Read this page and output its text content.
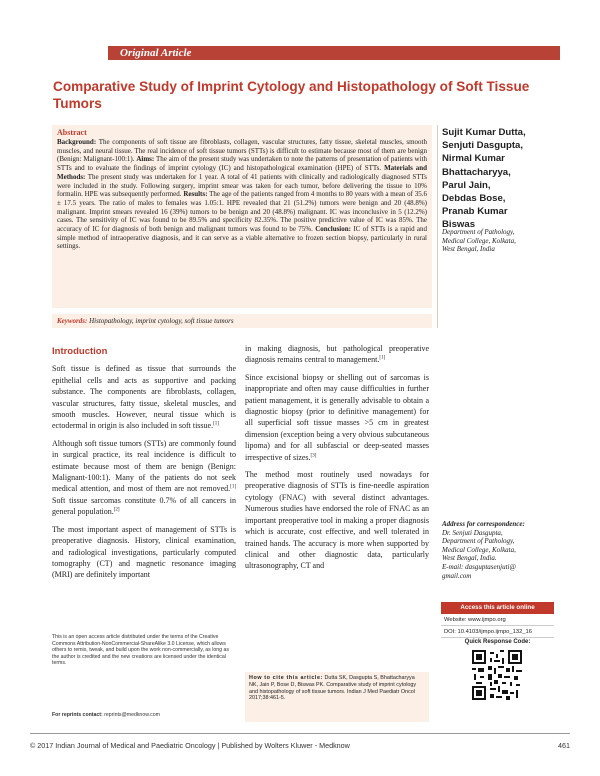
Original Article
Comparative Study of Imprint Cytology and Histopathology of Soft Tissue Tumors
Abstract
Background: The components of soft tissue are fibroblasts, collagen, vascular structures, fatty tissue, skeletal muscles, smooth muscles, and neural tissue. The real incidence of soft tissue tumors (STTs) is difficult to estimate because most of them are benign (Benign: Malignant-100:1). Aims: The aim of the present study was undertaken to note the patterns of presentation of patients with STTs and to evaluate the findings of imprint cytology (IC) and histopathological examination (HPE) of STTs. Materials and Methods: The present study was undertaken for 1 year. A total of 41 patients with clinically and radiologically diagnosed STTs were included in the study. Following surgery, imprint smear was taken for each tumor, before delivering the tissue to 10% formalin. HPE was subsequently performed. Results: The age of the patients ranged from 4 months to 80 years with a mean of 35.6 ± 17.5 years. The ratio of males to females was 1.05:1. HPE revealed that 21 (51.2%) tumors were benign and 20 (48.8%) malignant. Imprint smears revealed 16 (39%) tumors to be benign and 20 (48.8%) malignant. IC was inconclusive in 5 (12.2%) cases. The sensitivity of IC was found to be 89.5% and specificity 82.35%. The positive predictive value of IC was 85%. The accuracy of IC for diagnosis of both benign and malignant tumors was found to be 75%. Conclusion: IC of STTs is a rapid and simple method of intraoperative diagnosis, and it can serve as a viable alternative to frozen section biopsy, particularly in rural settings.
Keywords: Histopathology, imprint cytology, soft tissue tumors
Sujit Kumar Dutta,
Senjuti Dasgupta,
Nirmal Kumar
Bhattacharyya,
Parul Jain,
Debdas Bose,
Pranab Kumar
Biswas
Department of Pathology,
Medical College, Kolkata,
West Bengal, India
Introduction

Soft tissue is defined as tissue that surrounds the epithelial cells and acts as supportive and packing substance. The components are fibroblasts, collagen, vascular structures, fatty tissue, skeletal muscles, and smooth muscles. However, neural tissue which is ectodermal in origin is also included in soft tissue.[1]

Although soft tissue tumors (STTs) are commonly found in surgical practice, its real incidence is difficult to estimate because most of them are benign (Benign: Malignant-100:1). Many of the patients do not seek medical attention, and most of them are not removed.[1] Soft tissue sarcomas constitute 0.7% of all cancers in general population.[2]

The most important aspect of management of STTs is preoperative diagnosis. History, clinical examination, and radiological investigations, particularly computed tomography (CT) and magnetic resonance imaging (MRI) are definitely important

in making diagnosis, but pathological preoperative diagnosis remains central to management.[1]

Since excisional biopsy or shelling out of sarcomas is inappropriate and often may cause difficulties in further patient management, it is generally advisable to obtain a diagnostic biopsy (prior to definitive management) for all superficial soft tissue masses >5 cm in greatest dimension (exception being a very obvious subcutaneous lipoma) and for all subfascial or deep-seated masses irrespective of sizes.[3]

The method most routinely used nowadays for preoperative diagnosis of STTs is fine-needle aspiration cytology (FNAC) with several distinct advantages. Numerous studies have endorsed the role of FNAC as an important preoperative tool in making a proper diagnosis which is accurate, cost effective, and well tolerated in trained hands. The accuracy is more when supported by clinical and other diagnostic data, particularly ultrasonography, CT and

This is an open access article distributed under the terms of the Creative Commons Attribution-NonCommercial-ShareAlike 3.0 License, which allows others to remix, tweak, and build upon the work non-commercially, as long as the author is credited and the new creations are licensed under the identical terms.
For reprints contact: reprints@medknow.com
How to cite this article: Dutta SK, Dasgupta S, Bhattacharyya NK, Jain P, Bose D, Biswas PK. Comparative study of imprint cytology and histopathology of soft tissue tumors. Indian J Med Paediatr Oncol 2017;38:461-5.
Address for correspondence:
Dr. Senjuti Dasgupta,
Department of Pathology,
Medical College, Kolkata,
West Bengal, India.
E-mail: dasguptasenjuti@
gmail.com
Access this article online
Website: www.ijmpo.org
DOI: 10.4103/ijmpo.ijmpo_132_16
Quick Response Code:
© 2017 Indian Journal of Medical and Paediatric Oncology | Published by Wolters Kluwer - Medknow	461
